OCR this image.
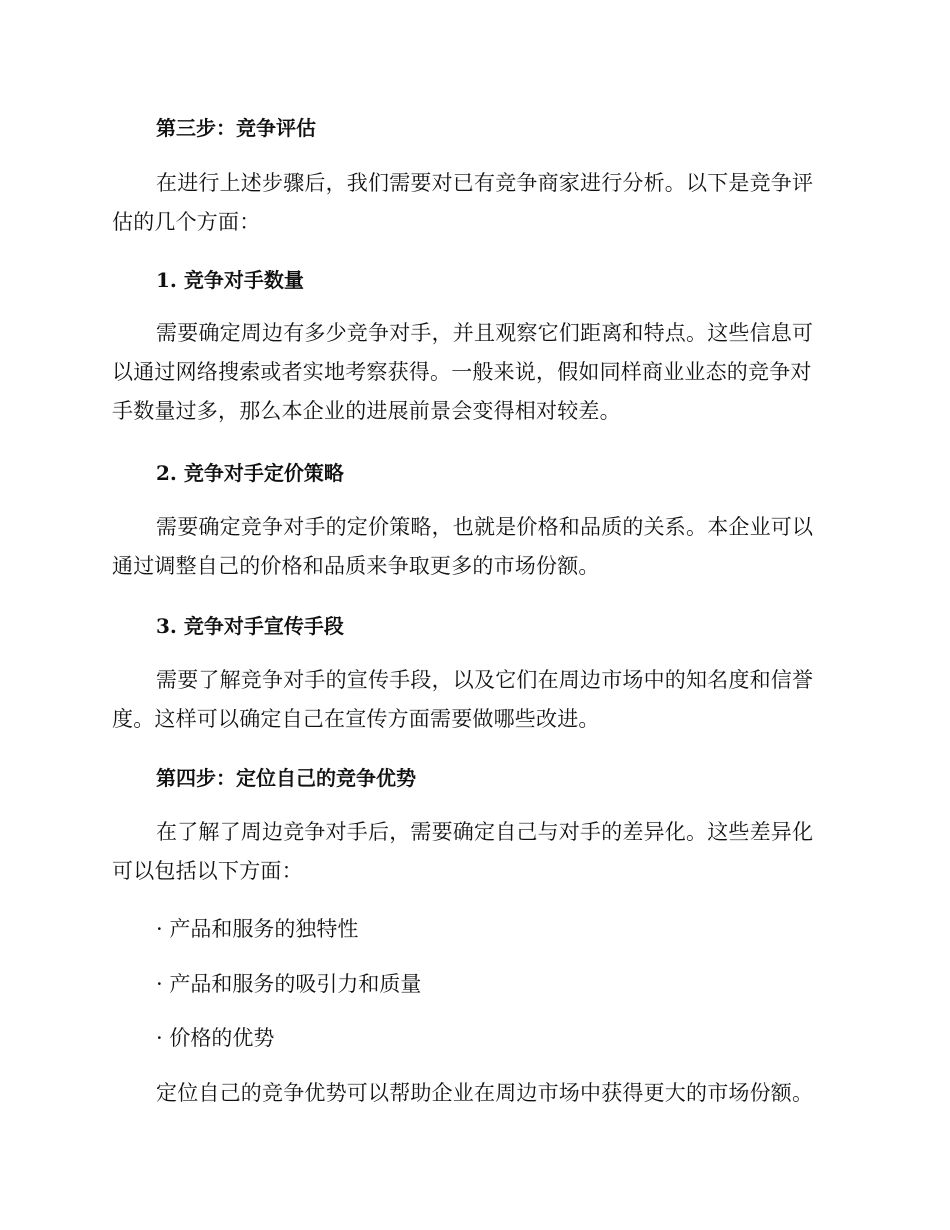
第三步：竞争评估

在进行上述步骤后，我们需要对已有竞争商家进行分析。以下是竞争评估的几个方面：

1. 竞争对手数量

需要确定周边有多少竞争对手，并且观察它们距离和特点。这些信息可以通过网络搜索或者实地考察获得。一般来说，假如同样商业业态的竞争对手数量过多，那么本企业的进展前景会变得相对较差。

2. 竞争对手定价策略

需要确定竞争对手的定价策略，也就是价格和品质的关系。本企业可以通过调整自己的价格和品质来争取更多的市场份额。

3. 竞争对手宣传手段

需要了解竞争对手的宣传手段，以及它们在周边市场中的知名度和信誉度。这样可以确定自己在宣传方面需要做哪些改进。

第四步：定位自己的竞争优势

在了解了周边竞争对手后，需要确定自己与对手的差异化。这些差异化可以包括以下方面：

· 产品和服务的独特性
· 产品和服务的吸引力和质量
· 价格的优势

定位自己的竞争优势可以帮助企业在周边市场中获得更大的市场份额。
